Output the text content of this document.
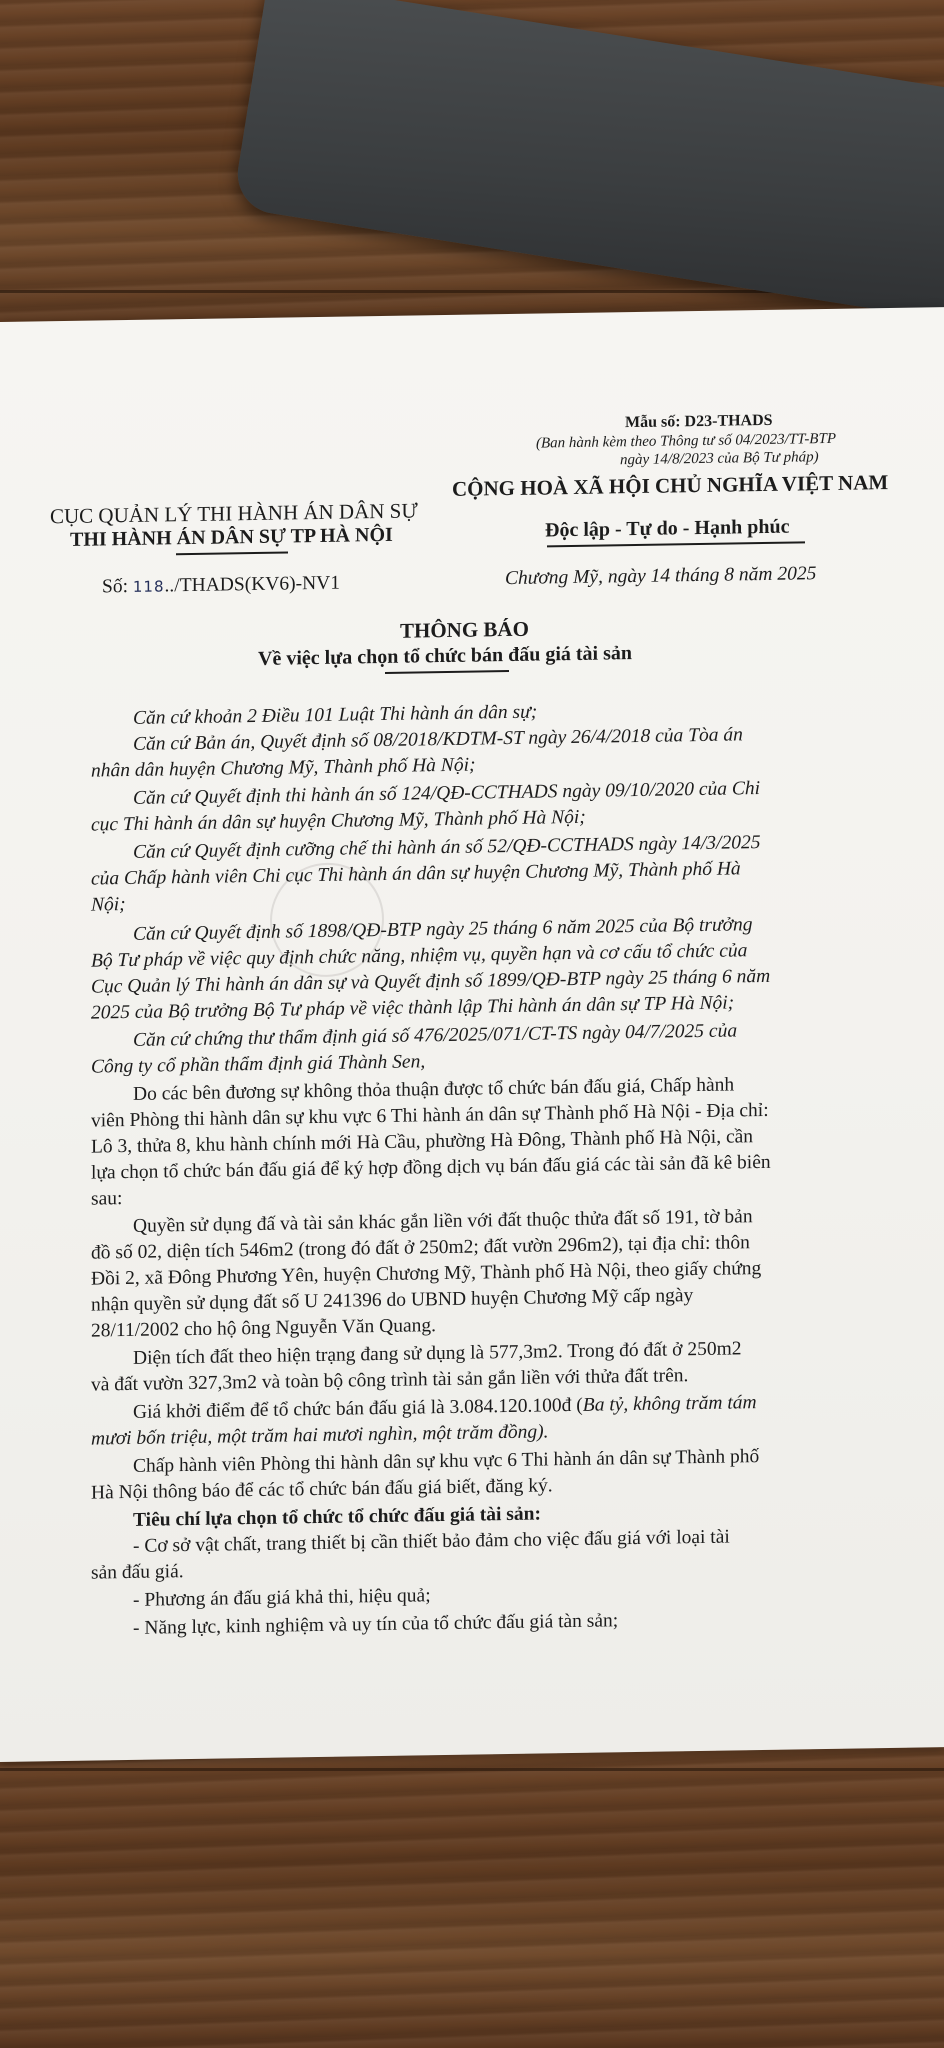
Mẫu số: D23-THADS
(Ban hành kèm theo Thông tư số 04/2023/TT-BTP
ngày 14/8/2023 của Bộ Tư pháp)
CỘNG HOÀ XÃ HỘI CHỦ NGHĨA VIỆT NAM
CỤC QUẢN LÝ THI HÀNH ÁN DÂN SỰ
THI HÀNH ÁN DÂN SỰ TP HÀ NỘI	Độc lập - Tự do - Hạnh phúc
Số: 118../THADS(KV6)-NV1	Chương Mỹ, ngày 14 tháng 8 năm 2025
THÔNG BÁO
Về việc lựa chọn tổ chức bán đấu giá tài sản
Căn cứ khoản 2 Điều 101 Luật Thi hành án dân sự;
Căn cứ Bản án, Quyết định số 08/2018/KDTM-ST ngày 26/4/2018 của Tòa án
nhân dân huyện Chương Mỹ, Thành phố Hà Nội;
Căn cứ Quyết định thi hành án số 124/QĐ-CCTHADS ngày 09/10/2020 của Chi
cục Thi hành án dân sự huyện Chương Mỹ, Thành phố Hà Nội;
Căn cứ Quyết định cưỡng chế thi hành án số 52/QĐ-CCTHADS ngày 14/3/2025
của Chấp hành viên Chi cục Thi hành án dân sự huyện Chương Mỹ, Thành phố Hà
Nội;
Căn cứ Quyết định số 1898/QĐ-BTP ngày 25 tháng 6 năm 2025 của Bộ trưởng
Bộ Tư pháp về việc quy định chức năng, nhiệm vụ, quyền hạn và cơ cấu tổ chức của
Cục Quản lý Thi hành án dân sự và Quyết định số 1899/QĐ-BTP ngày 25 tháng 6 năm
2025 của Bộ trưởng Bộ Tư pháp về việc thành lập Thi hành án dân sự TP Hà Nội;
Căn cứ chứng thư thẩm định giá số 476/2025/071/CT-TS ngày 04/7/2025 của
Công ty cổ phần thẩm định giá Thành Sen,
Do các bên đương sự không thỏa thuận được tổ chức bán đấu giá, Chấp hành
viên Phòng thi hành dân sự khu vực 6 Thi hành án dân sự Thành phố Hà Nội - Địa chỉ:
Lô 3, thửa 8, khu hành chính mới Hà Cầu, phường Hà Đông, Thành phố Hà Nội, cần
lựa chọn tổ chức bán đấu giá để ký hợp đồng dịch vụ bán đấu giá các tài sản đã kê biên
sau:
Quyền sử dụng đấ và tài sản khác gắn liền với đất thuộc thửa đất số 191, tờ bản
đồ số 02, diện tích 546m2 (trong đó đất ở 250m2; đất vườn 296m2), tại địa chỉ: thôn
Đồi 2, xã Đông Phương Yên, huyện Chương Mỹ, Thành phố Hà Nội, theo giấy chứng
nhận quyền sử dụng đất số U 241396 do UBND huyện Chương Mỹ cấp ngày
28/11/2002 cho hộ ông Nguyễn Văn Quang.
Diện tích đất theo hiện trạng đang sử dụng là 577,3m2. Trong đó đất ở 250m2
và đất vườn 327,3m2 và toàn bộ công trình tài sản gắn liền với thửa đất trên.
Giá khởi điểm để tổ chức bán đấu giá là 3.084.120.100đ (Ba tỷ, không trăm tám
mươi bốn triệu, một trăm hai mươi nghìn, một trăm đồng).
Chấp hành viên Phòng thi hành dân sự khu vực 6 Thi hành án dân sự Thành phố
Hà Nội thông báo để các tổ chức bán đấu giá biết, đăng ký.
Tiêu chí lựa chọn tổ chức tổ chức đấu giá tài sản:
- Cơ sở vật chất, trang thiết bị cần thiết bảo đảm cho việc đấu giá với loại tài
sản đấu giá.
- Phương án đấu giá khả thi, hiệu quả;
- Năng lực, kinh nghiệm và uy tín của tổ chức đấu giá tàn sản;
